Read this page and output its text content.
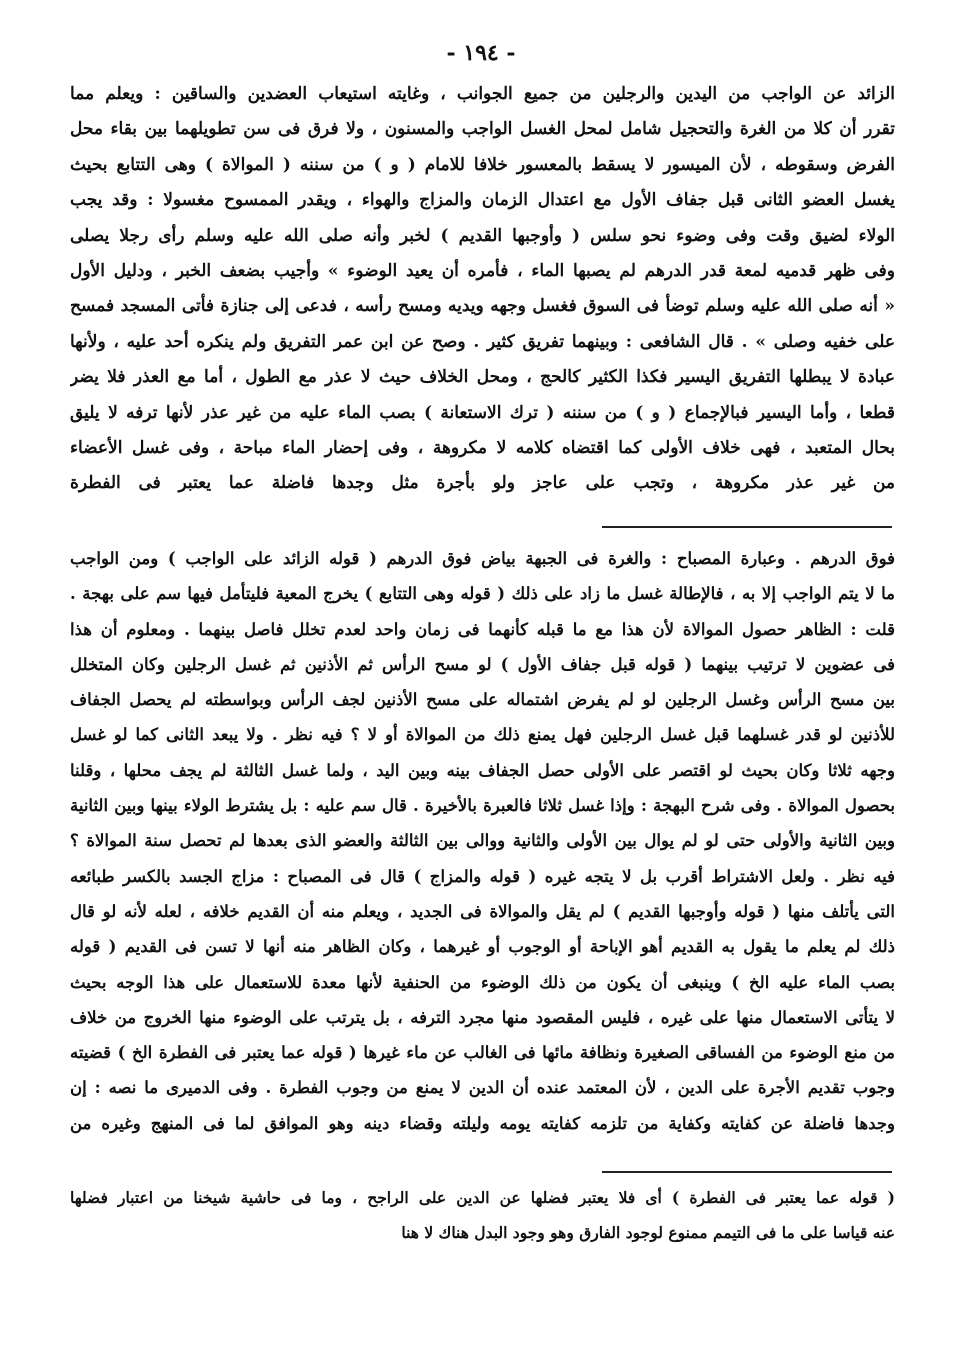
- ١٩٤ -
الزائد عن الواجب من اليدين والرجلين من جميع الجوانب ، وغايته استيعاب العضدين والساقين : ويعلم مما
تقرر أن كلا من الغرة والتحجيل شامل لمحل الغسل الواجب والمسنون ، ولا فرق فى سن تطويلهما بين بقاء محل
الفرض وسقوطه ، لأن الميسور لا يسقط بالمعسور خلافا للامام ( و ) من سننه ( الموالاة ) وهى التتابع بحيث
يغسل العضو الثانى قبل جفاف الأول مع اعتدال الزمان والمزاج والهواء ، ويقدر الممسوح مغسولا : وقد يجب
الولاء لضيق وقت وفى وضوء نحو سلس ( وأوجبها القديم ) لخبر وأنه صلى الله عليه وسلم رأى رجلا يصلى
وفى ظهر قدميه لمعة قدر الدرهم لم يصبها الماء ، فأمره أن يعيد الوضوء » وأجيب بضعف الخبر ، ودليل الأول
« أنه صلى الله عليه وسلم توضأ فى السوق فغسل وجهه ويديه ومسح رأسه ، فدعى إلى جنازة فأتى المسجد فمسح
على خفيه وصلى » . قال الشافعى : وبينهما تفريق كثير . وصح عن ابن عمر التفريق ولم ينكره أحد عليه ، ولأنها
عبادة لا يبطلها التفريق اليسير فكذا الكثير كالحج ، ومحل الخلاف حيث لا عذر مع الطول ، أما مع العذر فلا يضر
قطعا ، وأما اليسير فبالإجماع ( و ) من سننه ( ترك الاستعانة ) بصب الماء عليه من غير عذر لأنها ترفه لا يليق
بحال المتعبد ، فهى خلاف الأولى كما اقتضاه كلامه لا مكروهة ، وفى إحضار الماء مباحة ، وفى غسل الأعضاء
من غير عذر مكروهة ، وتجب على عاجز ولو بأجرة مثل وجدها فاضلة عما يعتبر فى الفطرة
فوق الدرهم . وعبارة المصباح : والغرة فى الجبهة بياض فوق الدرهم ( قوله الزائد على الواجب ) ومن الواجب
ما لا يتم الواجب إلا به ، فالإطالة غسل ما زاد على ذلك ( قوله وهى التتابع ) يخرج المعية فليتأمل فيها سم على بهجة .
قلت : الظاهر حصول الموالاة لأن هذا مع ما قبله كأنهما فى زمان واحد لعدم تخلل فاصل بينهما . ومعلوم أن هذا
فى عضوين لا ترتيب بينهما ( قوله قبل جفاف الأول ) لو مسح الرأس ثم الأذنين ثم غسل الرجلين وكان المتخلل
بين مسح الرأس وغسل الرجلين لو لم يفرض اشتماله على مسح الأذنين لجف الرأس وبواسطته لم يحصل الجفاف
للأذنين لو قدر غسلهما قبل غسل الرجلين فهل يمنع ذلك من الموالاة أو لا ؟ فيه نظر . ولا يبعد الثانى كما لو غسل
وجهه ثلاثا وكان بحيث لو اقتصر على الأولى حصل الجفاف بينه وبين اليد ، ولما غسل الثالثة لم يجف محلها ، وقلنا
بحصول الموالاة . وفى شرح البهجة : وإذا غسل ثلاثا فالعبرة بالأخيرة . قال سم عليه : بل يشترط الولاء بينها وبين الثانية
وبين الثانية والأولى حتى لو لم يوال بين الأولى والثانية ووالى بين الثالثة والعضو الذى بعدها لم تحصل سنة الموالاة ؟
فيه نظر . ولعل الاشتراط أقرب بل لا يتجه غيره ( قوله والمزاج ) قال فى المصباح : مزاج الجسد بالكسر طبائعه
التى يأتلف منها ( قوله وأوجبها القديم ) لم يقل والموالاة فى الجديد ، ويعلم منه أن القديم خلافه ، لعله لأنه لو قال
ذلك لم يعلم ما يقول به القديم أهو الإباحة أو الوجوب أو غيرهما ، وكان الظاهر منه أنها لا تسن فى القديم ( قوله
بصب الماء عليه الخ ) وينبغى أن يكون من ذلك الوضوء من الحنفية لأنها معدة للاستعمال على هذا الوجه بحيث
لا يتأتى الاستعمال منها على غيره ، فليس المقصود منها مجرد الترفه ، بل يترتب على الوضوء منها الخروج من خلاف
من منع الوضوء من الفساقى الصغيرة ونظافة مائها فى الغالب عن ماء غيرها ( قوله عما يعتبر فى الفطرة الخ ) قضيته
وجوب تقديم الأجرة على الدين ، لأن المعتمد عنده أن الدين لا يمنع من وجوب الفطرة . وفى الدميرى ما نصه : إن
وجدها فاضلة عن كفايته وكفاية من تلزمه كفايته يومه وليلته وقضاء دينه وهو الموافق لما فى المنهج وغيره من
( قوله عما يعتبر فى الفطرة ) أى فلا يعتبر فضلها عن الدين على الراجح ، وما فى حاشية شيخنا من اعتبار فضلها
عنه قياسا على ما فى التيمم ممنوع لوجود الفارق وهو وجود البدل هناك لا هنا
